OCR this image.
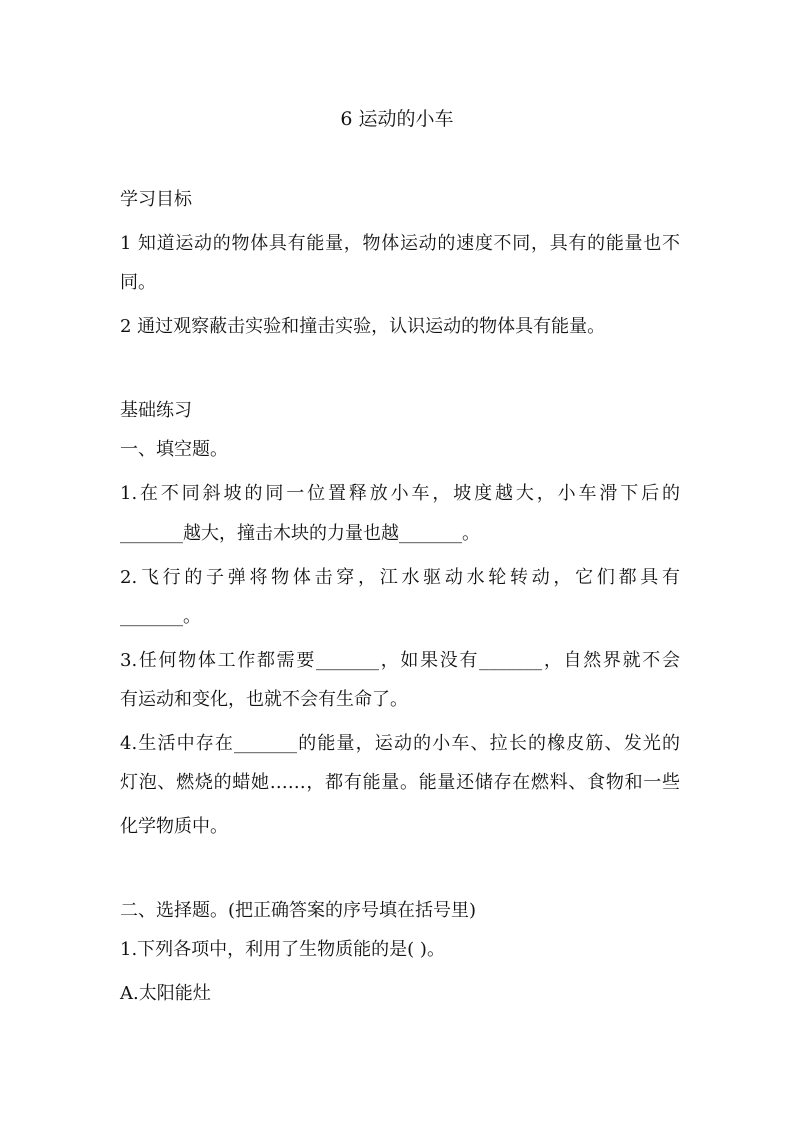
6 运动的小车
学习目标
1 知道运动的物体具有能量，物体运动的速度不同，具有的能量也不
同。
2 通过观察蔽击实验和撞击实验，认识运动的物体具有能量。
基础练习
一、填空题。
1.在不同斜坡的同一位置释放小车，坡度越大，小车滑下后的
_______越大，撞击木块的力量也越_______。
2.飞行的子弹将物体击穿，江水驱动水轮转动，它们都具有
_______。
3.任何物体工作都需要_______，如果没有_______，自然界就不会
有运动和变化，也就不会有生命了。
4.生活中存在_______的能量，运动的小车、拉长的橡皮筋、发光的
灯泡、燃烧的蜡她……，都有能量。能量还储存在燃料、食物和一些
化学物质中。
二、选择题。(把正确答案的序号填在括号里)
1.下列各项中，利用了生物质能的是( )。
A.太阳能灶
